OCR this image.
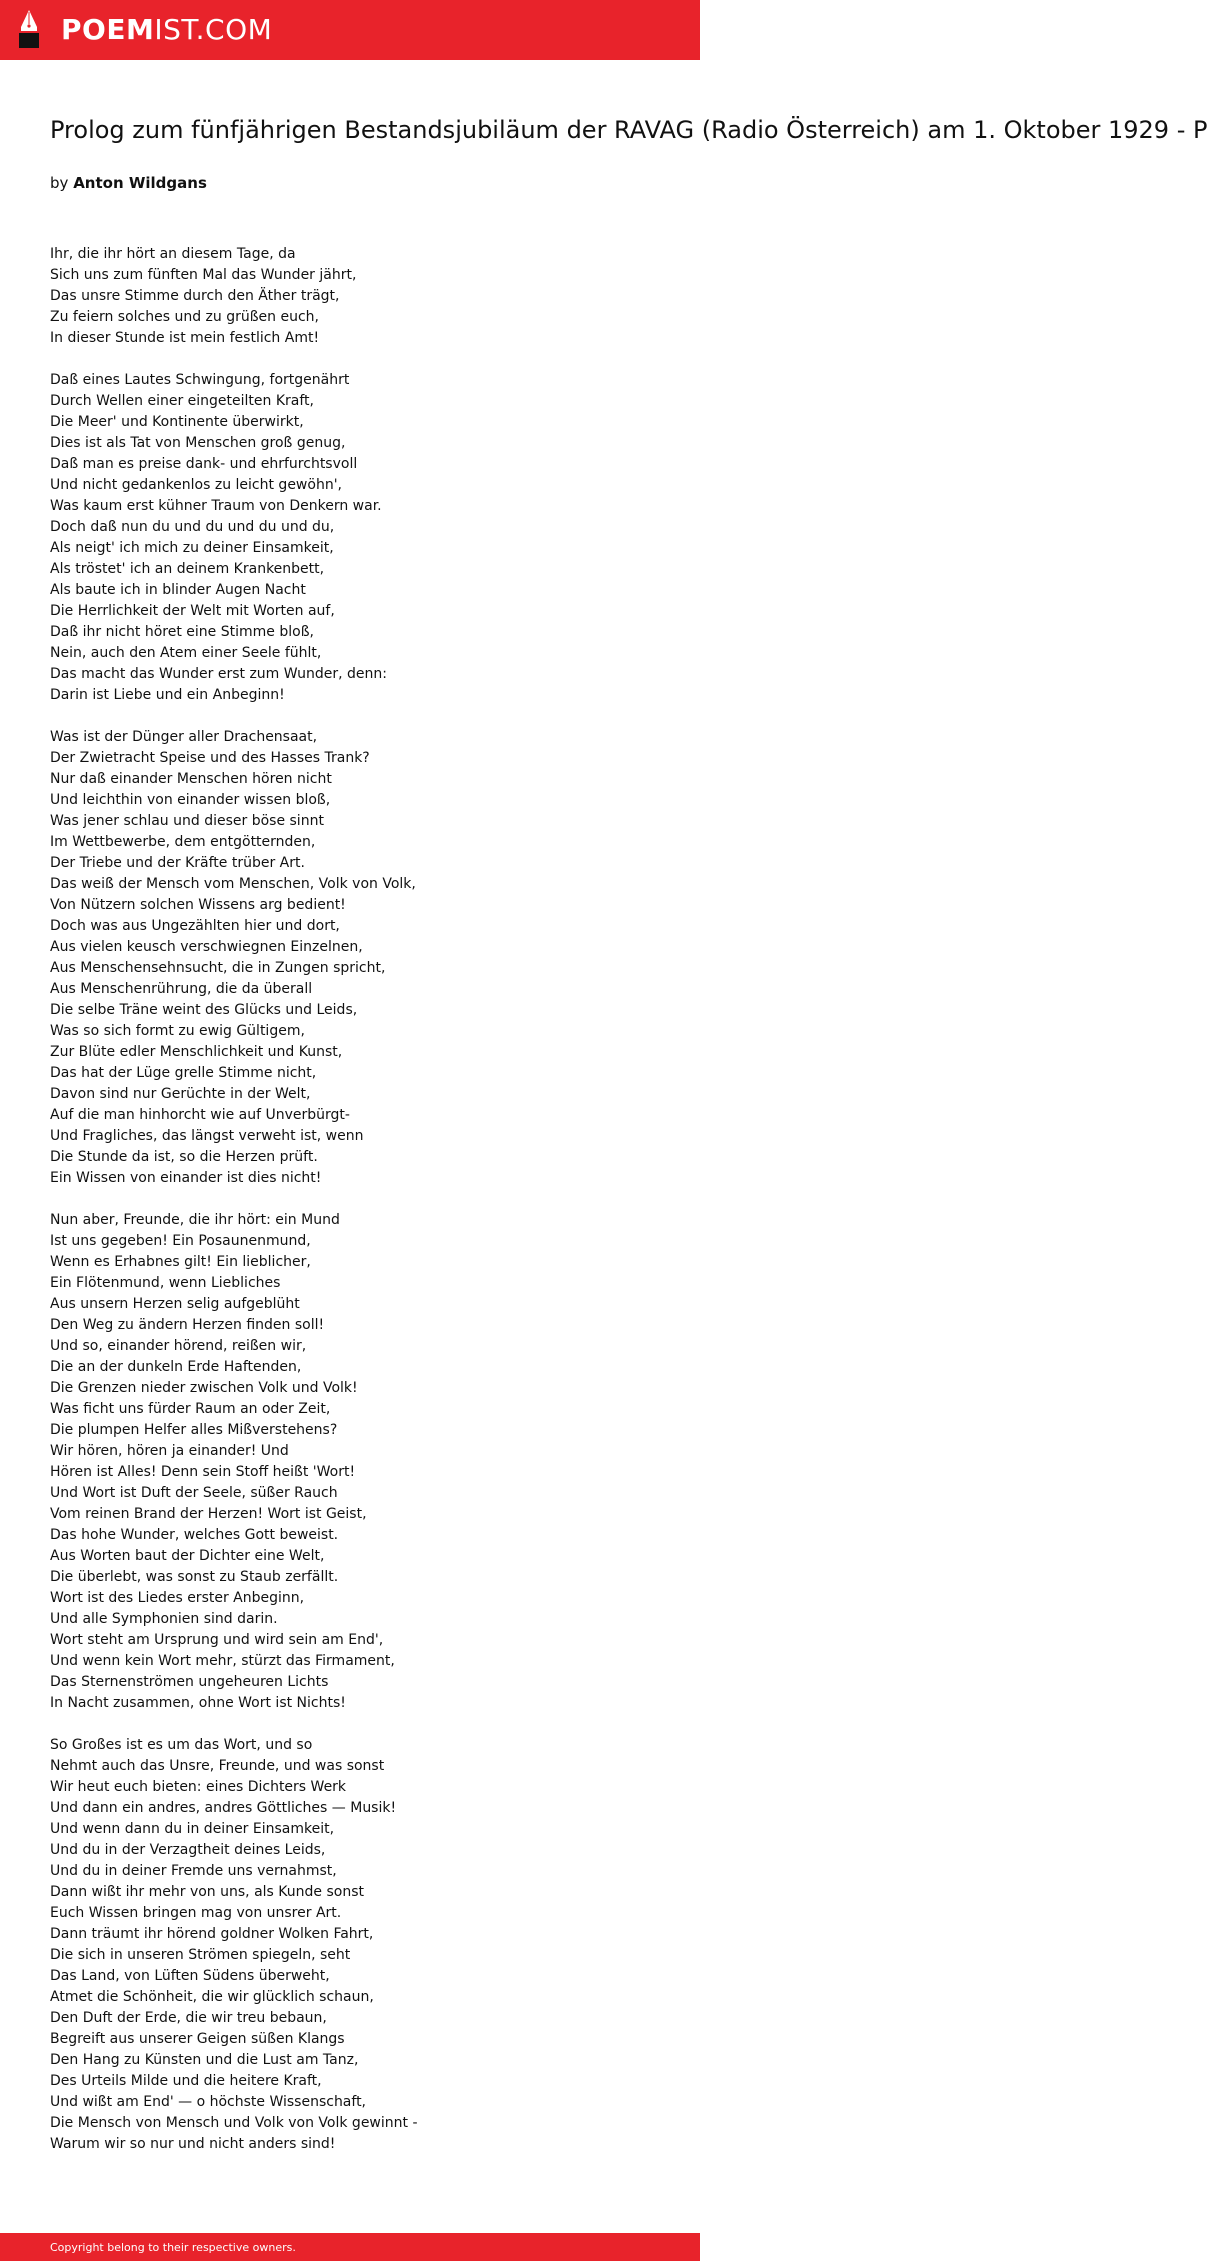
POEMIST.COM
Prolog zum fünfjährigen Bestandsjubiläum der RAVAG (Radio Österreich) am 1. Oktober 1929 - P
by Anton Wildgans
Ihr, die ihr hört an diesem Tage, da
Sich uns zum fünften Mal das Wunder jährt,
Das unsre Stimme durch den Äther trägt,
Zu feiern solches und zu grüßen euch,
In dieser Stunde ist mein festlich Amt!
Daß eines Lautes Schwingung, fortgenährt
Durch Wellen einer eingeteilten Kraft,
Die Meer' und Kontinente überwirkt,
Dies ist als Tat von Menschen groß genug,
Daß man es preise dank- und ehrfurchtsvoll
Und nicht gedankenlos zu leicht gewöhn',
Was kaum erst kühner Traum von Denkern war.
Doch daß nun du und du und du und du,
Als neigt' ich mich zu deiner Einsamkeit,
Als tröstet' ich an deinem Krankenbett,
Als baute ich in blinder Augen Nacht
Die Herrlichkeit der Welt mit Worten auf,
Daß ihr nicht höret eine Stimme bloß,
Nein, auch den Atem einer Seele fühlt,
Das macht das Wunder erst zum Wunder, denn:
Darin ist Liebe und ein Anbeginn!
Was ist der Dünger aller Drachensaat,
Der Zwietracht Speise und des Hasses Trank?
Nur daß einander Menschen hören nicht
Und leichthin von einander wissen bloß,
Was jener schlau und dieser böse sinnt
Im Wettbewerbe, dem entgötternden,
Der Triebe und der Kräfte trüber Art.
Das weiß der Mensch vom Menschen, Volk von Volk,
Von Nützern solchen Wissens arg bedient!
Doch was aus Ungezählten hier und dort,
Aus vielen keusch verschwiegnen Einzelnen,
Aus Menschensehnsucht, die in Zungen spricht,
Aus Menschenrührung, die da überall
Die selbe Träne weint des Glücks und Leids,
Was so sich formt zu ewig Gültigem,
Zur Blüte edler Menschlichkeit und Kunst,
Das hat der Lüge grelle Stimme nicht,
Davon sind nur Gerüchte in der Welt,
Auf die man hinhorcht wie auf Unverbürgt-
Und Fragliches, das längst verweht ist, wenn
Die Stunde da ist, so die Herzen prüft.
Ein Wissen von einander ist dies nicht!
Nun aber, Freunde, die ihr hört: ein Mund
Ist uns gegeben! Ein Posaunenmund,
Wenn es Erhabnes gilt! Ein lieblicher,
Ein Flötenmund, wenn Liebliches
Aus unsern Herzen selig aufgeblüht
Den Weg zu ändern Herzen finden soll!
Und so, einander hörend, reißen wir,
Die an der dunkeln Erde Haftenden,
Die Grenzen nieder zwischen Volk und Volk!
Was ficht uns fürder Raum an oder Zeit,
Die plumpen Helfer alles Mißverstehens?
Wir hören, hören ja einander! Und
Hören ist Alles! Denn sein Stoff heißt 'Wort!
Und Wort ist Duft der Seele, süßer Rauch
Vom reinen Brand der Herzen! Wort ist Geist,
Das hohe Wunder, welches Gott beweist.
Aus Worten baut der Dichter eine Welt,
Die überlebt, was sonst zu Staub zerfällt.
Wort ist des Liedes erster Anbeginn,
Und alle Symphonien sind darin.
Wort steht am Ursprung und wird sein am End',
Und wenn kein Wort mehr, stürzt das Firmament,
Das Sternenströmen ungeheuren Lichts
In Nacht zusammen, ohne Wort ist Nichts!
So Großes ist es um das Wort, und so
Nehmt auch das Unsre, Freunde, und was sonst
Wir heut euch bieten: eines Dichters Werk
Und dann ein andres, andres Göttliches — Musik!
Und wenn dann du in deiner Einsamkeit,
Und du in der Verzagtheit deines Leids,
Und du in deiner Fremde uns vernahmst,
Dann wißt ihr mehr von uns, als Kunde sonst
Euch Wissen bringen mag von unsrer Art.
Dann träumt ihr hörend goldner Wolken Fahrt,
Die sich in unseren Strömen spiegeln, seht
Das Land, von Lüften Südens überweht,
Atmet die Schönheit, die wir glücklich schaun,
Den Duft der Erde, die wir treu bebaun,
Begreift aus unserer Geigen süßen Klangs
Den Hang zu Künsten und die Lust am Tanz,
Des Urteils Milde und die heitere Kraft,
Und wißt am End' — o höchste Wissenschaft,
Die Mensch von Mensch und Volk von Volk gewinnt -
Warum wir so nur und nicht anders sind!
Copyright belong to their respective owners.
